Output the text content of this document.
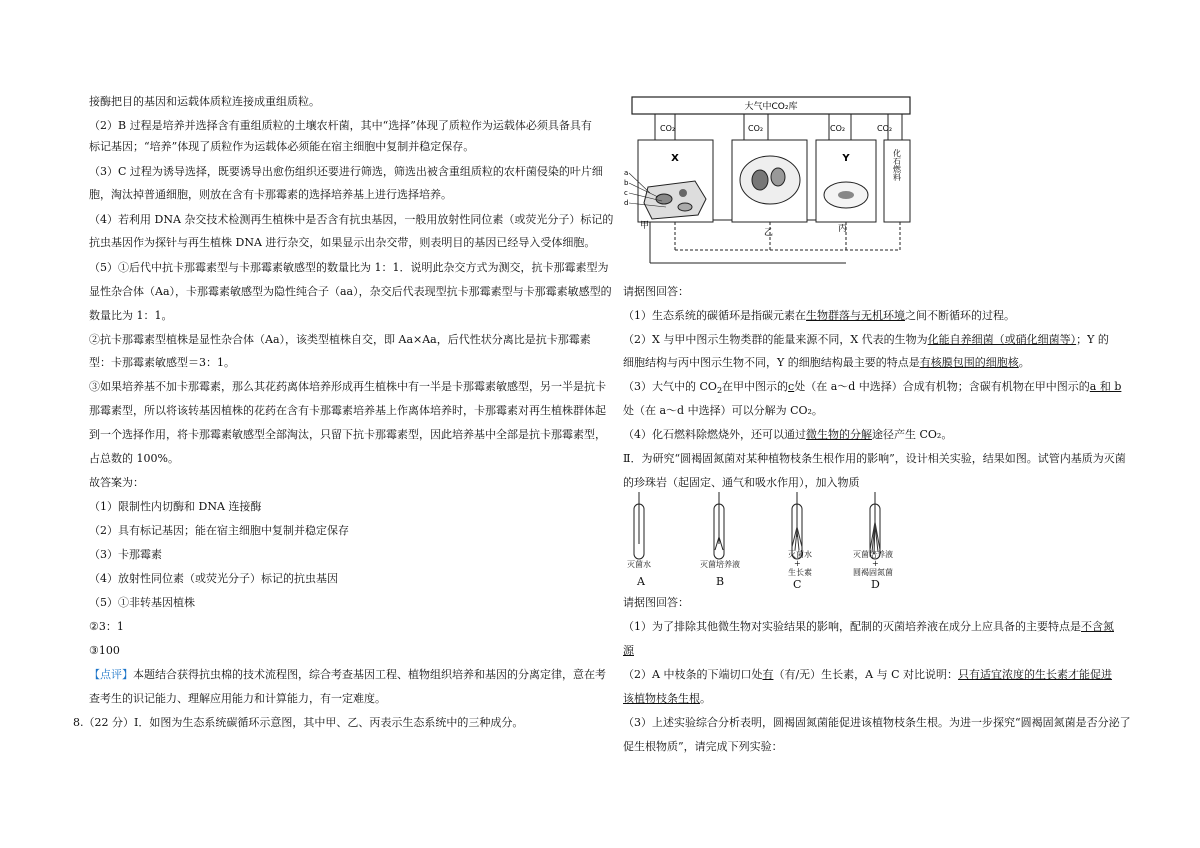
接酶把目的基因和运载体质粒连接成重组质粒。
（2）B 过程是培养并选择含有重组质粒的土壤农杆菌，其中“选择”体现了质粒作为运载体必须具备具有
标记基因；“培养”体现了质粒作为运载体必须能在宿主细胞中复制并稳定保存。
（3）C 过程为诱导选择，既要诱导出愈伤组织还要进行筛选，筛选出被含重组质粒的农杆菌侵染的叶片细
胞，淘汰掉普通细胞，则放在含有卡那霉素的选择培养基上进行选择培养。
（4）若利用 DNA 杂交技术检测再生植株中是否含有抗虫基因，一般用放射性同位素（或荧光分子）标记的
抗虫基因作为探针与再生植株 DNA 进行杂交，如果显示出杂交带，则表明目的基因已经导入受体细胞。
（5）①后代中抗卡那霉素型与卡那霉素敏感型的数量比为 1：1．说明此杂交方式为测交，抗卡那霉素型为
显性杂合体（Aa），卡那霉素敏感型为隐性纯合子（aa），杂交后代表现型抗卡那霉素型与卡那霉素敏感型的
数量比为 1：1。
②抗卡那霉素型植株是显性杂合体（Aa），该类型植株自交，即 Aa×Aa，后代性状分离比是抗卡那霉素
型：卡那霉素敏感型＝3：1。
③如果培养基不加卡那霉素，那么其花药离体培养形成再生植株中有一半是卡那霉素敏感型，另一半是抗卡
那霉素型，所以将该转基因植株的花药在含有卡那霉素培养基上作离体培养时，卡那霉素对再生植株群体起
到一个选择作用，将卡那霉素敏感型全部淘汰，只留下抗卡那霉素型，因此培养基中全部是抗卡那霉素型，
占总数的 100%。
故答案为：
（1）限制性内切酶和 DNA 连接酶
（2）具有标记基因；能在宿主细胞中复制并稳定保存
（3）卡那霉素
（4）放射性同位素（或荧光分子）标记的抗虫基因
（5）①非转基因植株
②3：1
③100
【点评】本题结合获得抗虫棉的技术流程图，综合考查基因工程、植物组织培养和基因的分离定律，意在考
查考生的识记能力、理解应用能力和计算能力，有一定难度。
8.（22 分）I．如图为生态系统碳循环示意图，其中甲、乙、丙表示生态系统中的三种成分。
大气中CO₂库
CO₂	CO₂	CO₂	CO₂
X	Y	化石燃料
a
b
c
d
甲
乙	丙
请据图回答：
（1）生态系统的碳循环是指碳元素在生物群落与无机环境之间不断循环的过程。
（2）X 与甲中图示生物类群的能量来源不同，X 代表的生物为化能自养细菌（或硝化细菌等）；Y 的
细胞结构与丙中图示生物不同，Y 的细胞结构最主要的特点是有核膜包围的细胞核。
（3）大气中的 $CO_2$在甲中图示的c处（在 a～d 中选择）合成有机物；含碳有机物在甲中图示的a 和 b
处（在 a～d 中选择）可以分解为 CO₂。
（4）化石燃料除燃烧外，还可以通过微生物的分解途径产生 CO₂。
Ⅱ．为研究“圆褐固氮菌对某种植物枝条生根作用的影响”，设计相关实验，结果如图。试管内基质为灭菌
的珍珠岩（起固定、通气和吸水作用），加入物质
灭菌水	灭菌培养液
灭菌水
+
生长素
灭菌培养液
+
圆褐固氮菌
A	B	C	D
请据图回答：
（1）为了排除其他微生物对实验结果的影响，配制的灭菌培养液在成分上应具备的主要特点是不含氮
源
（2）A 中枝条的下端切口处有（有/无）生长素，A 与 C 对比说明：只有适宜浓度的生长素才能促进
该植物枝条生根。
（3）上述实验综合分析表明，圆褐固氮菌能促进该植物枝条生根。为进一步探究“圆褐固氮菌是否分泌了
促生根物质”，请完成下列实验：
